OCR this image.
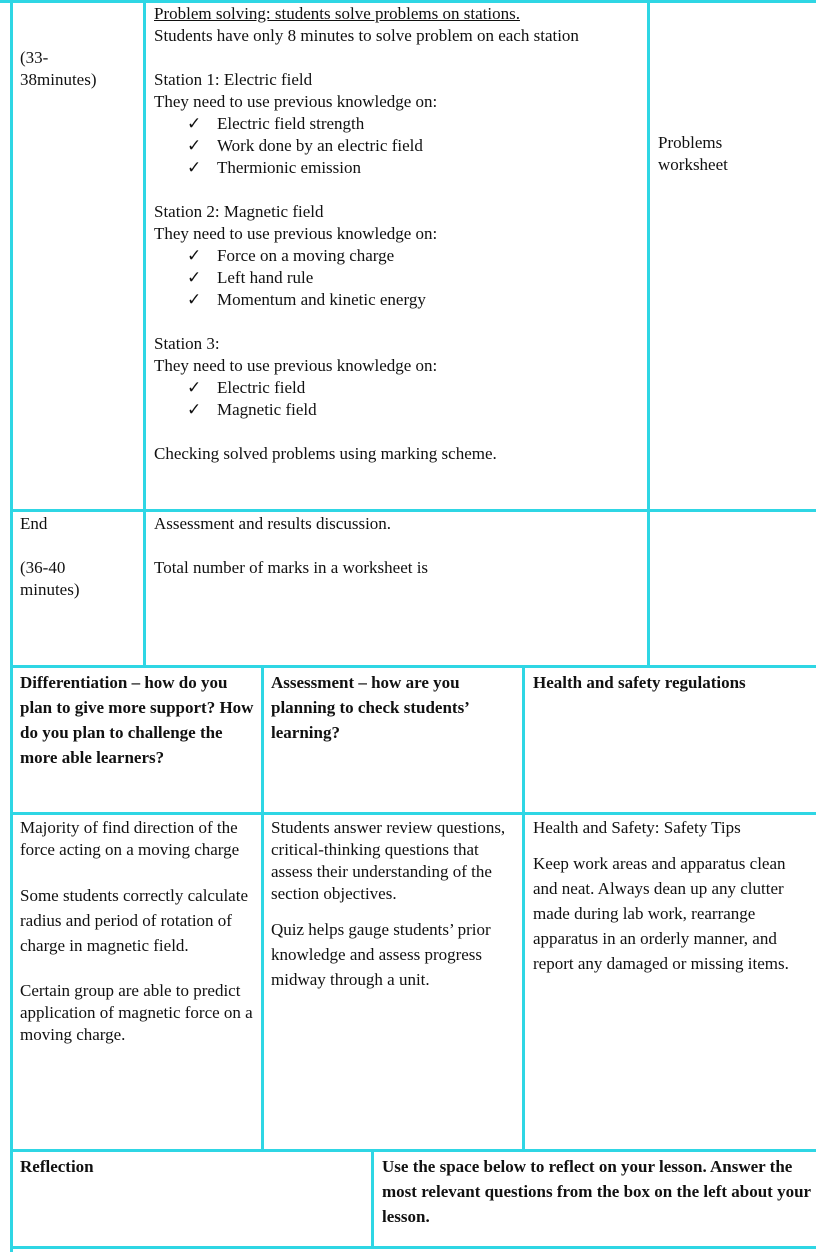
(33-

38minutes)

Problem solving: students solve problems on stations.

Students have only 8 minutes to solve problem on each station

Station 1: Electric field

They need to use previous knowledge on:

✓ Electric field strength
✓ Work done by an electric field
✓ Thermionic emission

Station 2: Magnetic field

They need to use previous knowledge on:

✓ Force on a moving charge
✓ Left hand rule
✓ Momentum and kinetic energy

Station 3:

They need to use previous knowledge on:

✓ Electric field
✓ Magnetic field

Checking solved problems using marking scheme.

Problems

worksheet

End

(36-40

minutes)

Assessment and results discussion.

Total number of marks in a worksheet is

Differentiation – how do you plan to give more support? How do you plan to challenge the more able learners?

Assessment – how are you planning to check students’ learning?

Health and safety regulations

Majority of find direction of the force acting on a moving charge

Some students correctly calculate radius and period of rotation of charge in magnetic field.

Certain group are able to predict application of magnetic force on a moving charge.

Students answer review questions, critical-thinking questions that assess their understanding of the section objectives.

Quiz helps gauge students’ prior knowledge and assess progress midway through a unit.

Health and Safety: Safety Tips

Keep work areas and apparatus clean and neat. Always dean up any clutter made during lab work, rearrange apparatus in an orderly manner, and report any damaged or missing items.

Reflection	Use the space below to reflect on your lesson. Answer the most relevant questions from the box on the left about your lesson.
